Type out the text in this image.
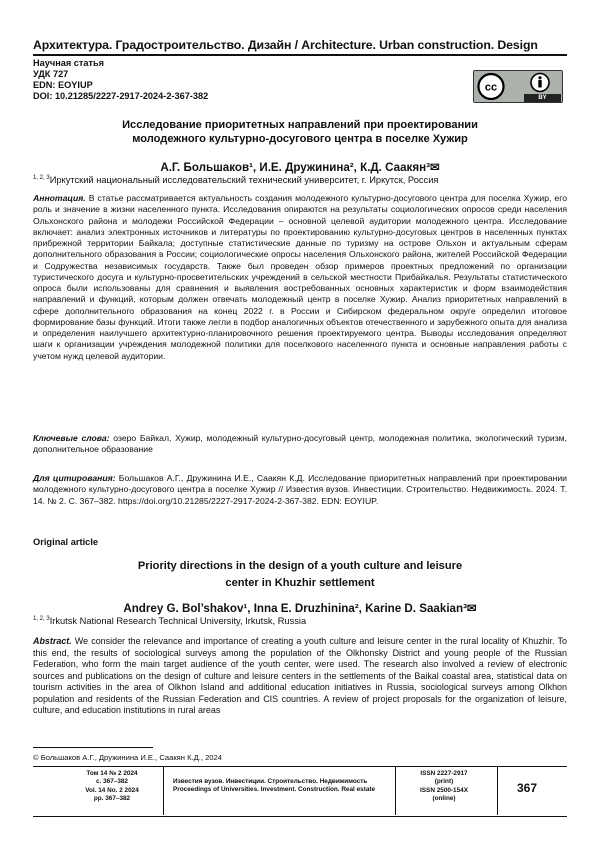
Архитектура. Градостроительство. Дизайн / Architecture. Urban construction. Design
Научная статья
УДК 727
EDN: EOYIUP
DOI: 10.21285/2227-2917-2024-2-367-382
cc
BY
Исследование приоритетных направлений при проектировании
молодежного культурно-досугового центра в поселке Хужир
А.Г. Большаков¹, И.Е. Дружинина², К.Д. Саакян³✉
$^{1, 2, 3}$Иркутский национальный исследовательский технический университет, г. Иркутск, Россия
Аннотация. В статье рассматривается актуальность создания молодежного культурно-досугового центра для поселка Хужир, его роль и значение в жизни населенного пункта. Исследования опираются на результаты социологических опросов среди населения Ольхонского района и молодежи Российской Федерации – основной целевой аудитории молодежного центра. Исследование включает: анализ электронных источников и литературы по проектированию культурно-досуговых центров в населенных пунктах прибрежной территории Байкала; доступные статистические данные по туризму на острове Ольхон и актуальным сферам дополнительного образования в России; социологические опросы населения Ольхонского района, жителей Российской Федерации и Содружества независимых государств. Также был проведен обзор примеров проектных предложений по организации туристического досуга и культурно-просветительских учреждений в сельской местности Прибайкалья. Результаты статистического опроса были использованы для сравнения и выявления востребованных основных характеристик и форм взаимодействия направлений и функций, которым должен отвечать молодежный центр в поселке Хужир. Анализ приоритетных направлений в сфере дополнительного образования на конец 2022 г. в России и Сибирском федеральном округе определил итоговое формирование базы функций. Итоги также легли в подбор аналогичных объектов отечественного и зарубежного опыта для анализа и определения наилучшего архитектурно-планировочного решения проектируемого центра. Выводы исследования определяют шаги к организации учреждения молодежной политики для поселкового населенного пункта и основные направления работы с учетом нужд целевой аудитории.
Ключевые слова: озеро Байкал, Хужир, молодежный культурно-досуговый центр, молодежная политика, экологический туризм, дополнительное образование
Для цитирования: Большаков А.Г., Дружинина И.Е., Саакян К.Д. Исследование приоритетных направлений при проектировании молодежного культурно-досугового центра в поселке Хужир // Известия вузов. Инвестиции. Строительство. Недвижимость. 2024. Т. 14. № 2. С. 367–382. https://doi.org/10.21285/2227-2917-2024-2-367-382. EDN: EOYIUP.
Original article
Priority directions in the design of a youth culture and leisure
center in Khuzhir settlement
Andrey G. Bol’shakov¹, Inna E. Druzhinina², Karine D. Saakian³✉
$^{1, 2, 3}$Irkutsk National Research Technical University, Irkutsk, Russia
Abstract. We consider the relevance and importance of creating a youth culture and leisure center in the rural locality of Khuzhir. To this end, the results of sociological surveys among the population of the Olkhonsky District and young people of the Russian Federation, who form the main target audience of the youth center, were used. The research also involved a review of electronic sources and publications on the design of culture and leisure centers in the settlements of the Baikal coastal area, statistical data on tourism activities in the area of Olkhon Island and additional education initiatives in Russia, sociological surveys among Olkhon population and residents of the Russian Federation and CIS countries. A review of project proposals for the organization of leisure, culture, and education institutions in rural areas
© Большаков А.Г., Дружинина И.Е., Саакян К.Д., 2024
Том 14 № 2 2024
с. 367–382
Vol. 14 No. 2 2024
pp. 367–382
Известия вузов. Инвестиции. Строительство. Недвижимость
Proceedings of Universities. Investment. Construction. Real estate
ISSN 2227-2917
(print)
ISSN 2500-154X
(online)
367
